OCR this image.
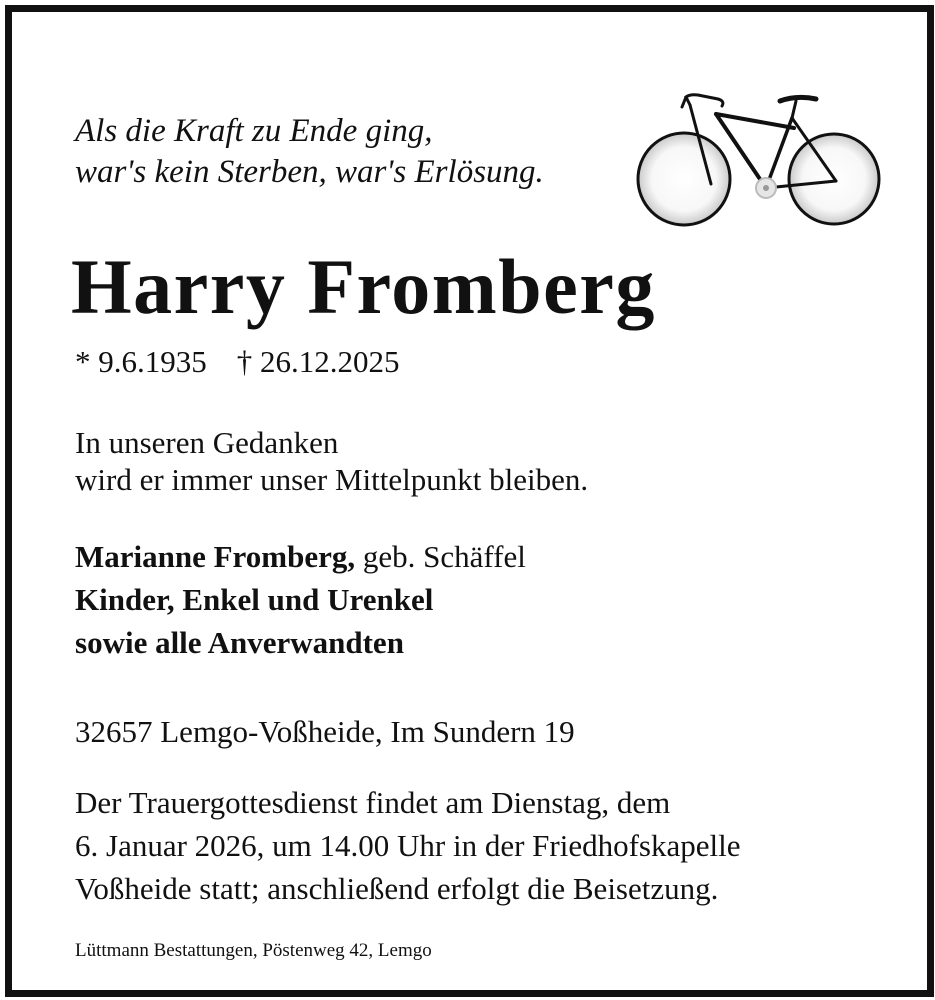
Als die Kraft zu Ende ging,
war's kein Sterben, war's Erlösung.
Harry Fromberg
* 9.6.1935 † 26.12.2025
In unseren Gedanken
wird er immer unser Mittelpunkt bleiben.
Marianne Fromberg, geb. Schäffel
Kinder, Enkel und Urenkel
sowie alle Anverwandten
32657 Lemgo-Voßheide, Im Sundern 19
Der Trauergottesdienst findet am Dienstag, dem
6. Januar 2026, um 14.00 Uhr in der Friedhofskapelle
Voßheide statt; anschließend erfolgt die Beisetzung.
Lüttmann Bestattungen, Pöstenweg 42, Lemgo
